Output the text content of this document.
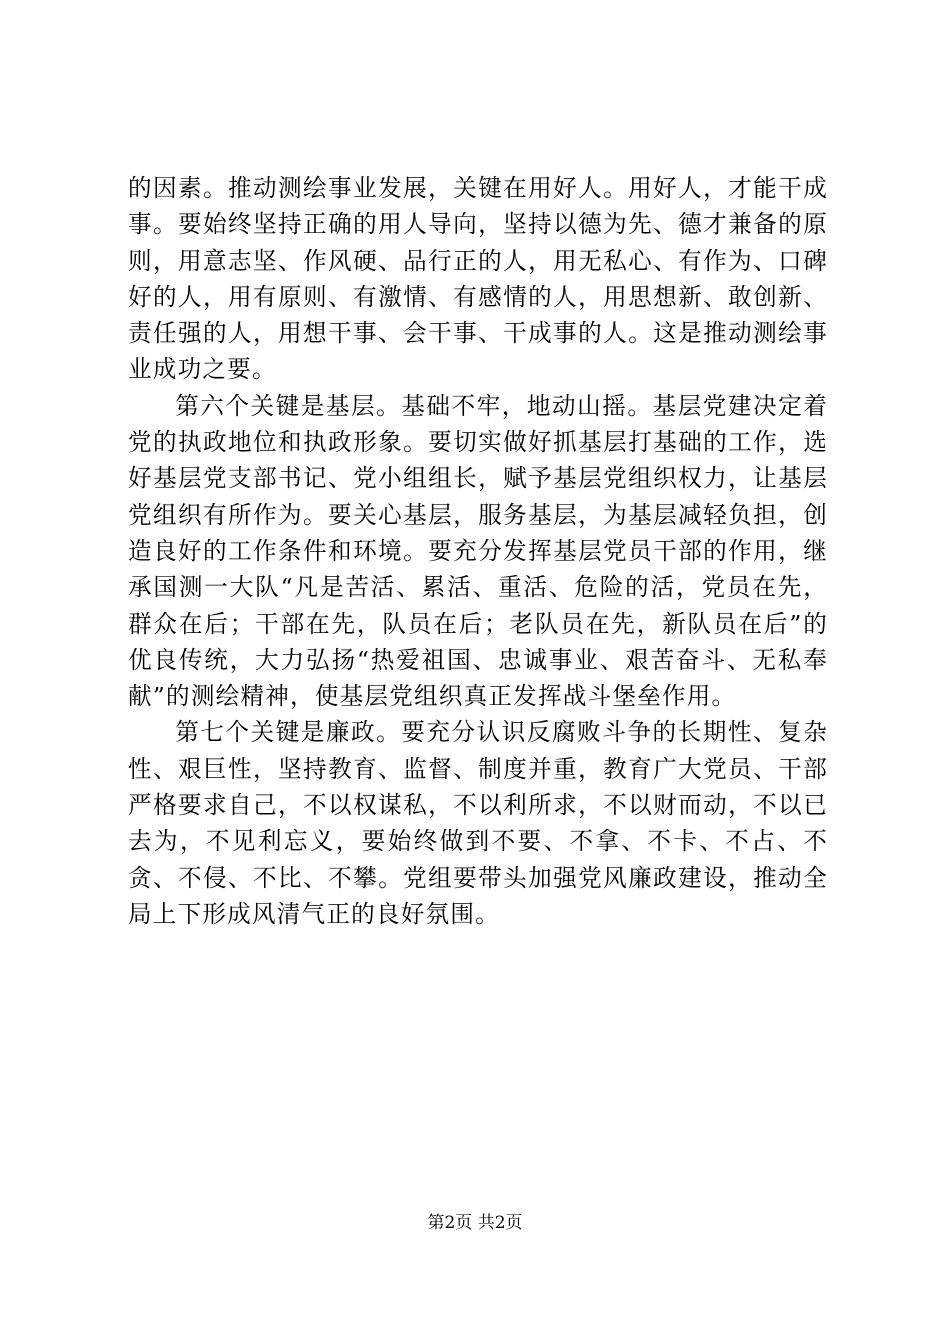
的因素。推动测绘事业发展，关键在用好人。用好人，才能干成事。要始终坚持正确的用人导向，坚持以德为先、德才兼备的原则，用意志坚、作风硬、品行正的人，用无私心、有作为、口碑好的人，用有原则、有激情、有感情的人，用思想新、敢创新、责任强的人，用想干事、会干事、干成事的人。这是推动测绘事业成功之要。

第六个关键是基层。基础不牢，地动山摇。基层党建决定着党的执政地位和执政形象。要切实做好抓基层打基础的工作，选好基层党支部书记、党小组组长，赋予基层党组织权力，让基层党组织有所作为。要关心基层，服务基层，为基层减轻负担，创造良好的工作条件和环境。要充分发挥基层党员干部的作用，继承国测一大队“凡是苦活、累活、重活、危险的活，党员在先，群众在后；干部在先，队员在后；老队员在先，新队员在后”的优良传统，大力弘扬“热爱祖国、忠诚事业、艰苦奋斗、无私奉献”的测绘精神，使基层党组织真正发挥战斗堡垒作用。

第七个关键是廉政。要充分认识反腐败斗争的长期性、复杂性、艰巨性，坚持教育、监督、制度并重，教育广大党员、干部严格要求自己，不以权谋私，不以利所求，不以财而动，不以已去为，不见利忘义，要始终做到不要、不拿、不卡、不占、不贪、不侵、不比、不攀。党组要带头加强党风廉政建设，推动全局上下形成风清气正的良好氛围。

第2页 共2页
